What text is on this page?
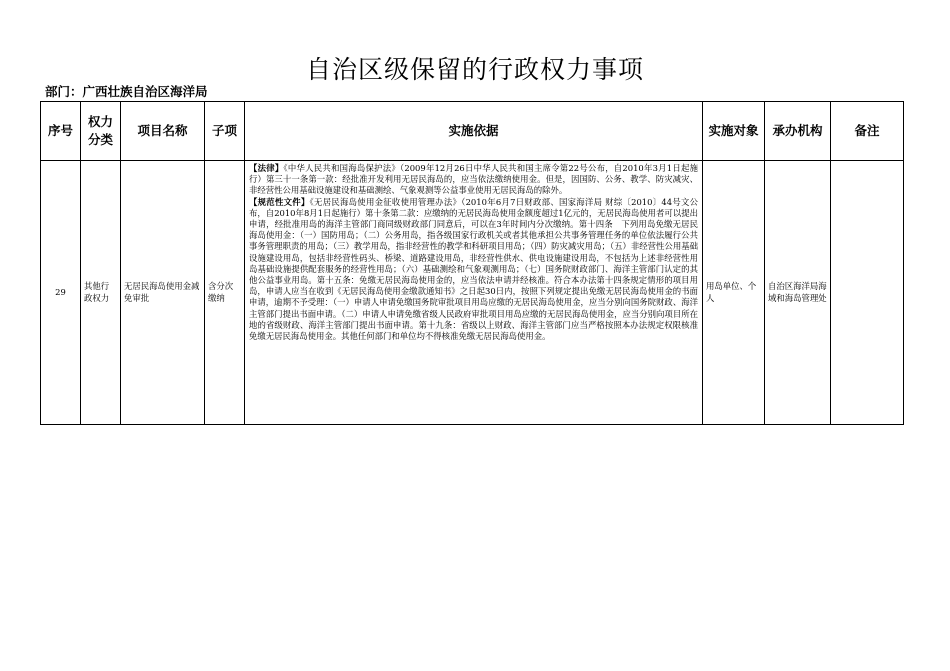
自治区级保留的行政权力事项
部门：广西壮族自治区海洋局
序号	权力分类	项目名称	子项	实施依据	实施对象	承办机构	备注
29	其他行政权力	无居民海岛使用金减免审批	含分次缴纳	【法律】《中华人民共和国海岛保护法》（2009年12月26日中华人民共和国主席令第22号公布，自2010年3月1日起施行）第三十一条第一款：经批准开发利用无居民海岛的，应当依法缴纳使用金。但是，因国防、公务、教学、防灾减灾、非经营性公用基础设施建设和基础测绘、气象观测等公益事业使用无居民海岛的除外。

【规范性文件】《无居民海岛使用金征收使用管理办法》（2010年6月7日财政部、国家海洋局 财综〔2010〕44号文公布，自2010年8月1日起施行）第十条第二款：应缴纳的无居民海岛使用金额度超过1亿元的，无居民海岛使用者可以提出申请，经批准用岛的海洋主管部门商同级财政部门同意后，可以在3年时间内分次缴纳。第十四条　下列用岛免缴无居民海岛使用金：（一）国防用岛；（二）公务用岛，指各级国家行政机关或者其他承担公共事务管理任务的单位依法履行公共事务管理职责的用岛；（三）教学用岛，指非经营性的教学和科研项目用岛；（四）防灾减灾用岛；（五）非经营性公用基础设施建设用岛，包括非经营性码头、桥梁、道路建设用岛，非经营性供水、供电设施建设用岛，不包括为上述非经营性用岛基础设施提供配套服务的经营性用岛；（六）基础测绘和气象观测用岛；（七）国务院财政部门、海洋主管部门认定的其他公益事业用岛。第十五条：免缴无居民海岛使用金的，应当依法申请并经核准。符合本办法第十四条规定情形的项目用岛，申请人应当在收到《无居民海岛使用金缴款通知书》之日起30日内，按照下列规定提出免缴无居民海岛使用金的书面申请，逾期不予受理：（一）申请人申请免缴国务院审批项目用岛应缴的无居民海岛使用金，应当分别向国务院财政、海洋主管部门提出书面申请。（二）申请人申请免缴省级人民政府审批项目用岛应缴的无居民海岛使用金，应当分别向项目所在地的省级财政、海洋主管部门提出书面申请。第十九条：省级以上财政、海洋主管部门应当严格按照本办法规定权限核准免缴无居民海岛使用金。其他任何部门和单位均不得核准免缴无居民海岛使用金。	用岛单位、个人	自治区海洋局海域和海岛管理处	
